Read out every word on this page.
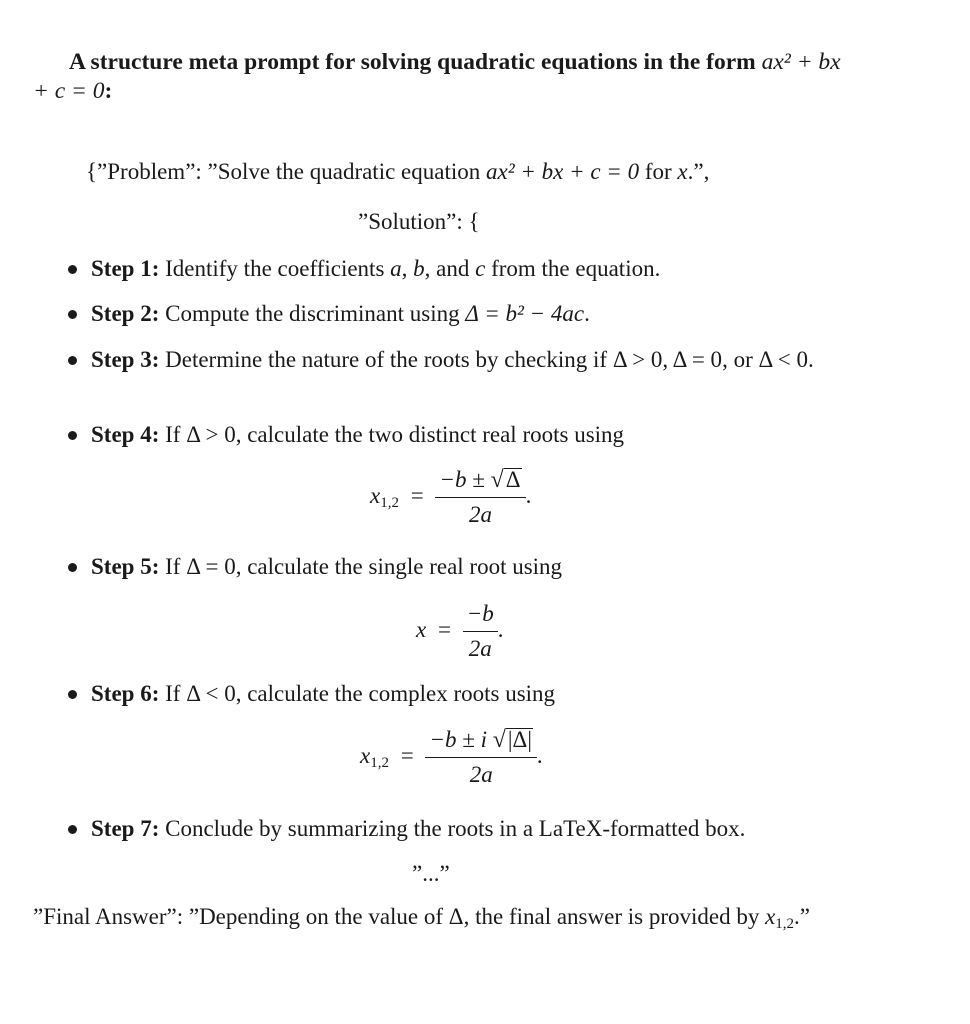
A structure meta prompt for solving quadratic equations in the form ax² + bx + c = 0:
{”Problem”: ”Solve the quadratic equation ax² + bx + c = 0 for x.”,
”Solution”: {
Step 1: Identify the coefficients a, b, and c from the equation.
Step 2: Compute the discriminant using Δ = b² − 4ac.
Step 3: Determine the nature of the roots by checking if Δ > 0, Δ = 0, or Δ < 0.
Step 4: If Δ > 0, calculate the two distinct real roots using
$x_{1,2} = \frac{-b \pm √\Delta}{2a}$ .
Step 5: If Δ = 0, calculate the single real root using
$x = \frac{-b}{2a}$ .
Step 6: If Δ < 0, calculate the complex roots using
$x_{1,2} = \frac{-b \pm i √|\Delta|}{2a}$ .
Step 7: Conclude by summarizing the roots in a LaTeX-formatted box.
”...”
”Final Answer”: ”Depending on the value of Δ, the final answer is provided by $x_{1,2}$.”
